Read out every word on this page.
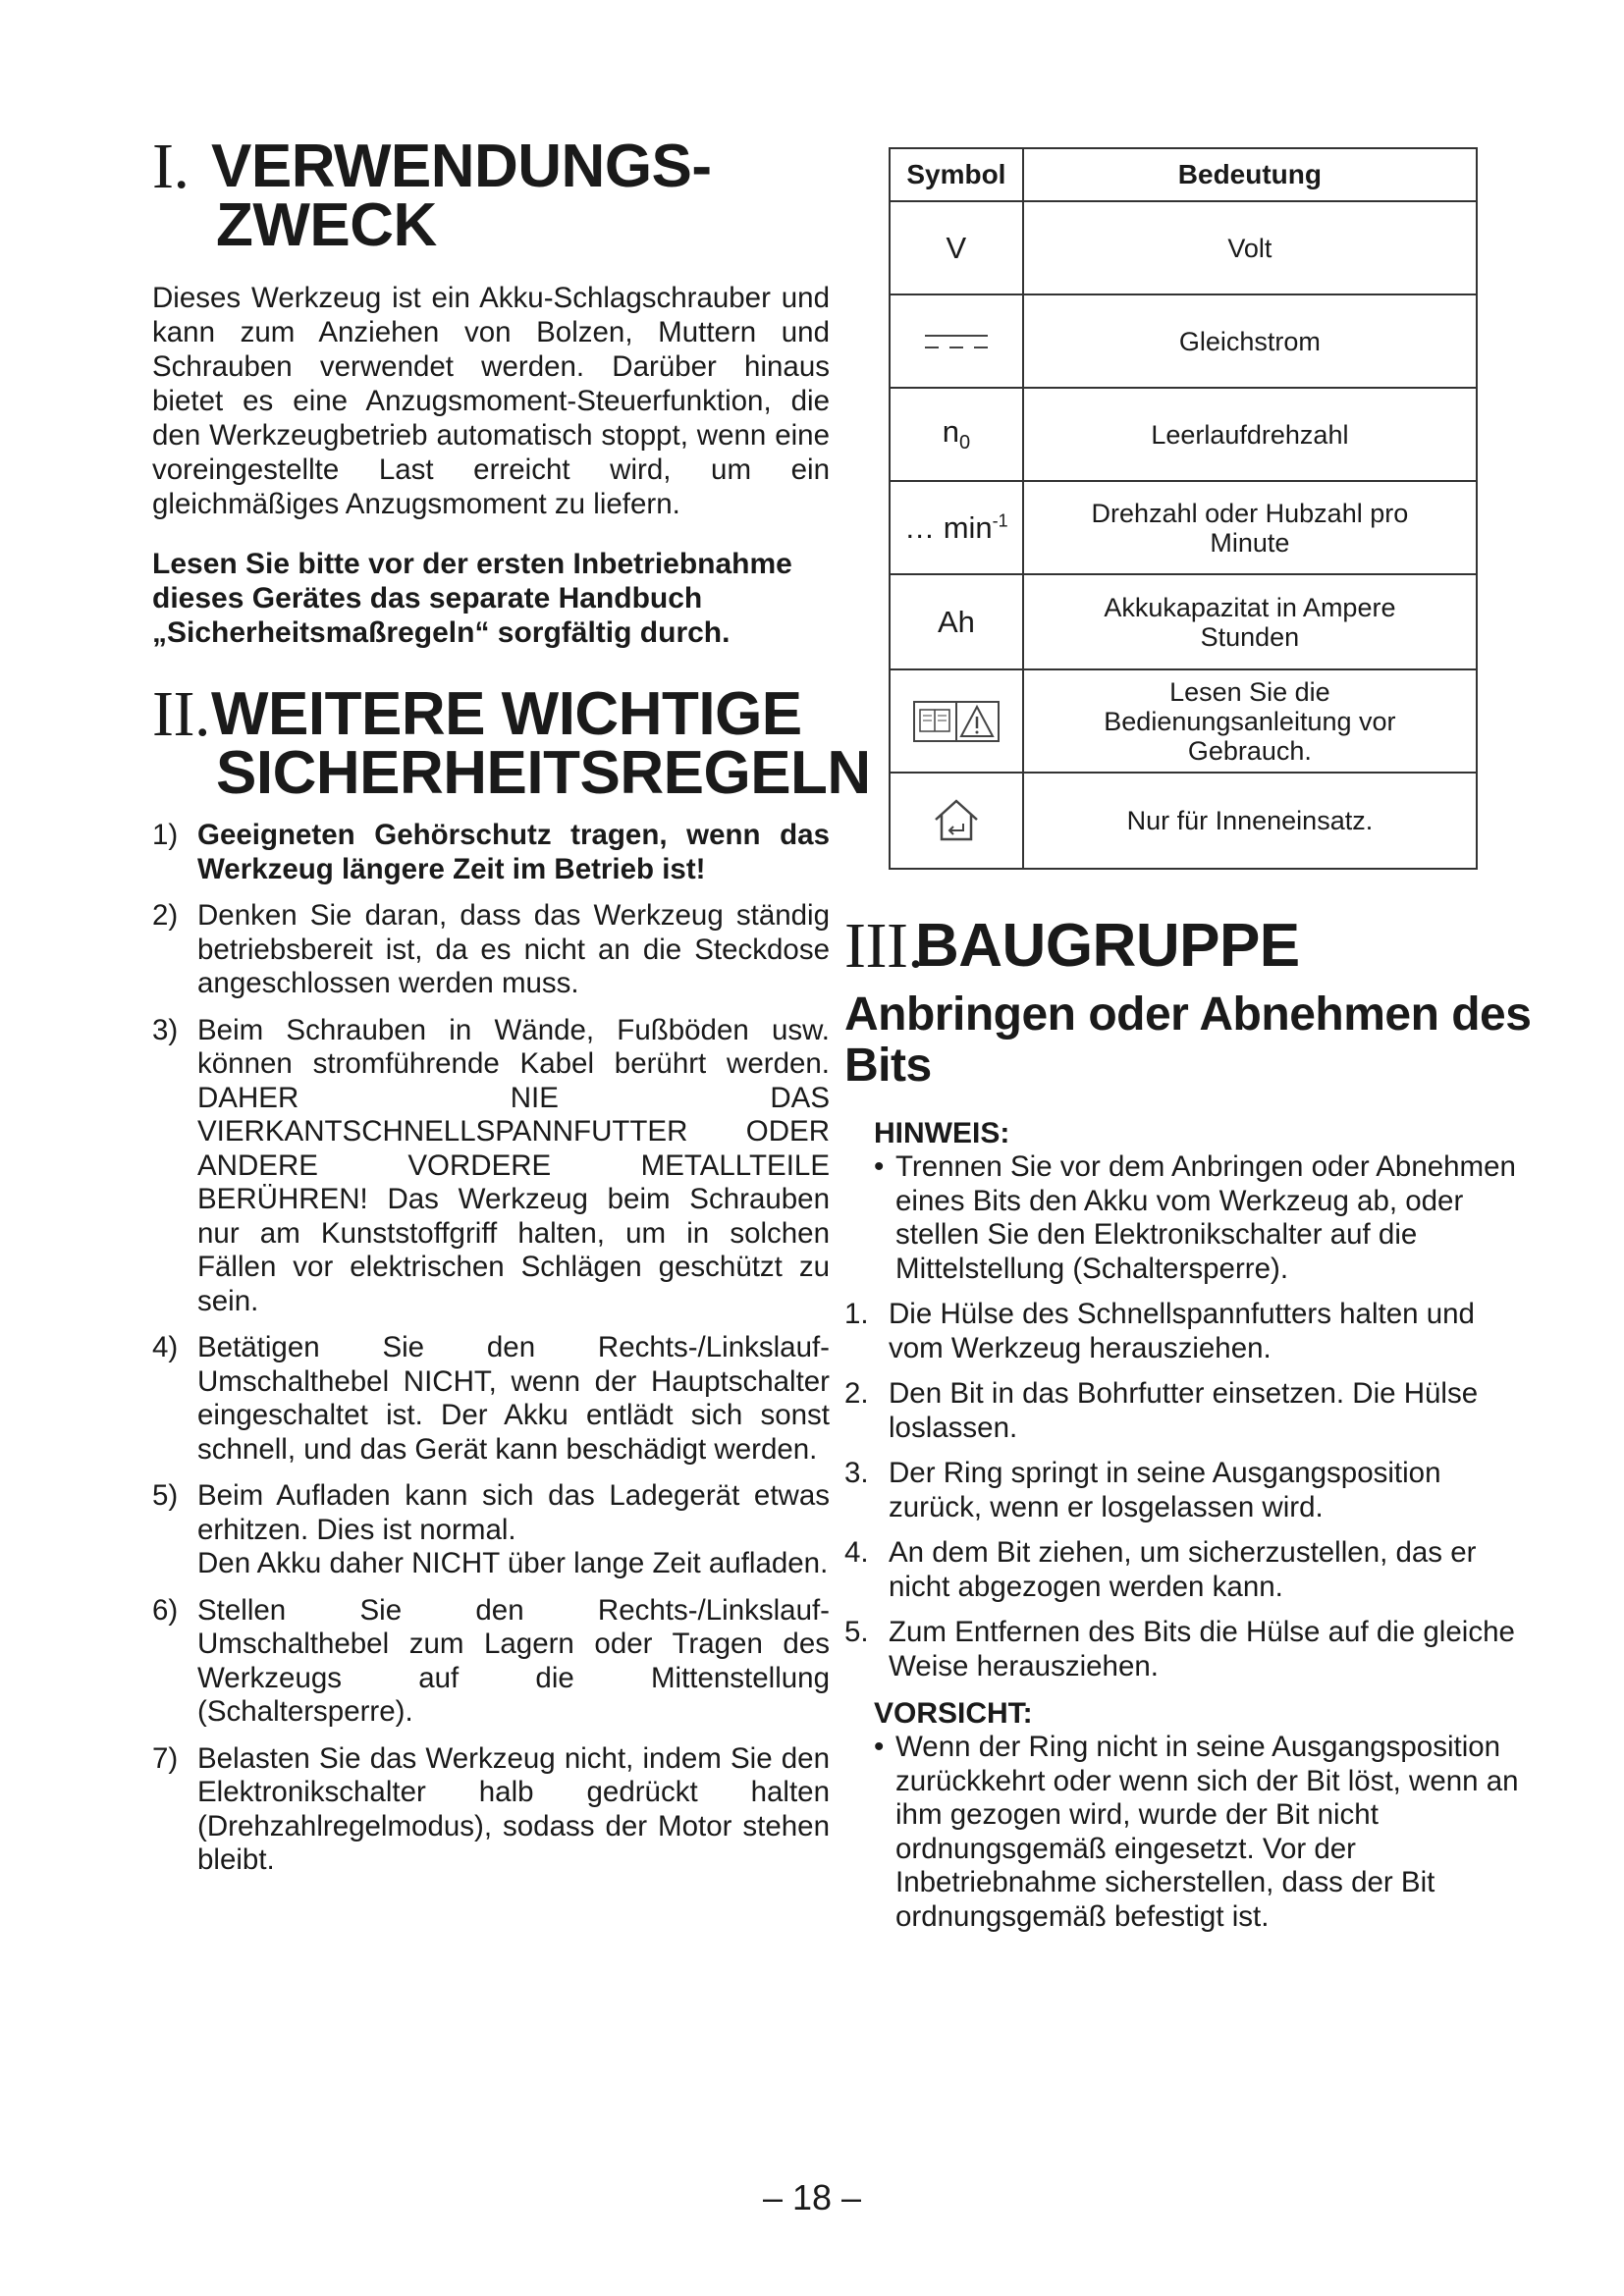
I. VERWENDUNGS-
ZWECK

Dieses Werkzeug ist ein Akku-Schlagschrauber und kann zum Anziehen von Bolzen, Muttern und Schrauben verwendet werden. Darüber hinaus bietet es eine Anzugsmoment-Steuerfunktion, die den Werkzeugbetrieb automatisch stoppt, wenn eine voreingestellte Last erreicht wird, um ein gleichmäßiges Anzugsmoment zu liefern.

Lesen Sie bitte vor der ersten Inbetriebnahme dieses Gerätes das separate Handbuch „Sicherheitsmaßregeln“ sorgfältig durch.

II. WEITERE WICHTIGE
SICHERHEITSREGELN
1) Geeigneten Gehörschutz tragen, wenn das Werkzeug längere Zeit im Betrieb ist!
2) Denken Sie daran, dass das Werkzeug ständig betriebsbereit ist, da es nicht an die Steckdose angeschlossen werden muss.
3) Beim Schrauben in Wände, Fußböden usw. können stromführende Kabel berührt werden. DAHER NIE DAS VIERKANTSCHNELLSPANNFUTTER ODER ANDERE VORDERE METALLTEILE BERÜHREN! Das Werkzeug beim Schrauben nur am Kunststoffgriff halten, um in solchen Fällen vor elektrischen Schlägen geschützt zu sein.
4) Betätigen Sie den Rechts-/Linkslauf-Umschalthebel NICHT, wenn der Hauptschalter eingeschaltet ist. Der Akku entlädt sich sonst schnell, und das Gerät kann beschädigt werden.
5) Beim Aufladen kann sich das Ladegerät etwas erhitzen. Dies ist normal.
Den Akku daher NICHT über lange Zeit aufladen.
6) Stellen Sie den Rechts-/Linkslauf- Umschalthebel zum Lagern oder Tragen des Werkzeugs auf die Mittenstellung (Schaltersperre).
7) Belasten Sie das Werkzeug nicht, indem Sie den Elektronikschalter halb gedrückt halten (Drehzahlregelmodus), sodass der Motor stehen bleibt.
Symbol	Bedeutung
V	Volt

	Gleichstrom
$n_0$	Leerlaufdrehzahl
… $\min^{-1}$	Drehzahl oder Hubzahl pro Minute
Ah	Akkukapazitat in Ampere Stunden

	Lesen Sie die Bedienungsanleitung vor Gebrauch.

	Nur für Inneneinsatz.
III.
BAUGRUPPE
Anbringen oder Abnehmen des Bits
HINWEIS:
• Trennen Sie vor dem Anbringen oder Abnehmen eines Bits den Akku vom Werkzeug ab, oder stellen Sie den Elektronikschalter auf die Mittelstellung (Schaltersperre).
1. Die Hülse des Schnellspannfutters halten und vom Werkzeug herausziehen.
2. Den Bit in das Bohrfutter einsetzen. Die Hülse loslassen.
3. Der Ring springt in seine Ausgangsposition zurück, wenn er losgelassen wird.
4. An dem Bit ziehen, um sicherzustellen, das er nicht abgezogen werden kann.
5. Zum Entfernen des Bits die Hülse auf die gleiche Weise herausziehen.
VORSICHT:
• Wenn der Ring nicht in seine Ausgangsposition zurückkehrt oder wenn sich der Bit löst, wenn an ihm gezogen wird, wurde der Bit nicht ordnungsgemäß eingesetzt. Vor der Inbetriebnahme sicherstellen, dass der Bit ordnungsgemäß befestigt ist.
– 18 –
